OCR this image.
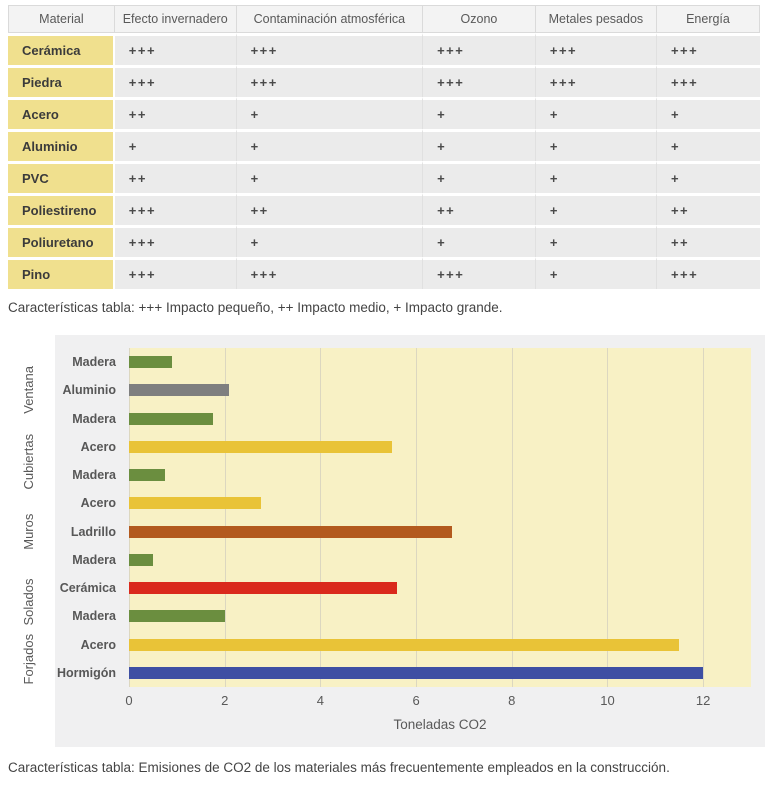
Material	Efecto invernadero	Contaminación atmosférica	Ozono	Metales pesados	Energía
Cerámica	+++	+++	+++	+++	+++
Piedra	+++	+++	+++	+++	+++
Acero	++	+	+	+	+
Aluminio	+	+	+	+	+
PVC	++	+	+	+	+
Poliestireno	+++	++	++	+	++
Poliuretano	+++	+	+	+	++
Pino	+++	+++	+++	+	+++

Características tabla: +++ Impacto pequeño, ++ Impacto medio, + Impacto grande.

Ventana
Cubiertas
Muros
Solados
Forjados
Madera
Aluminio
Madera
Acero
Madera
Acero
Ladrillo
Madera
Cerámica
Madera
Acero
Hormigón
0	2	4	6	8	10	12
Toneladas CO2

Características tabla: Emisiones de CO2 de los materiales más frecuentemente empleados en la construcción.
